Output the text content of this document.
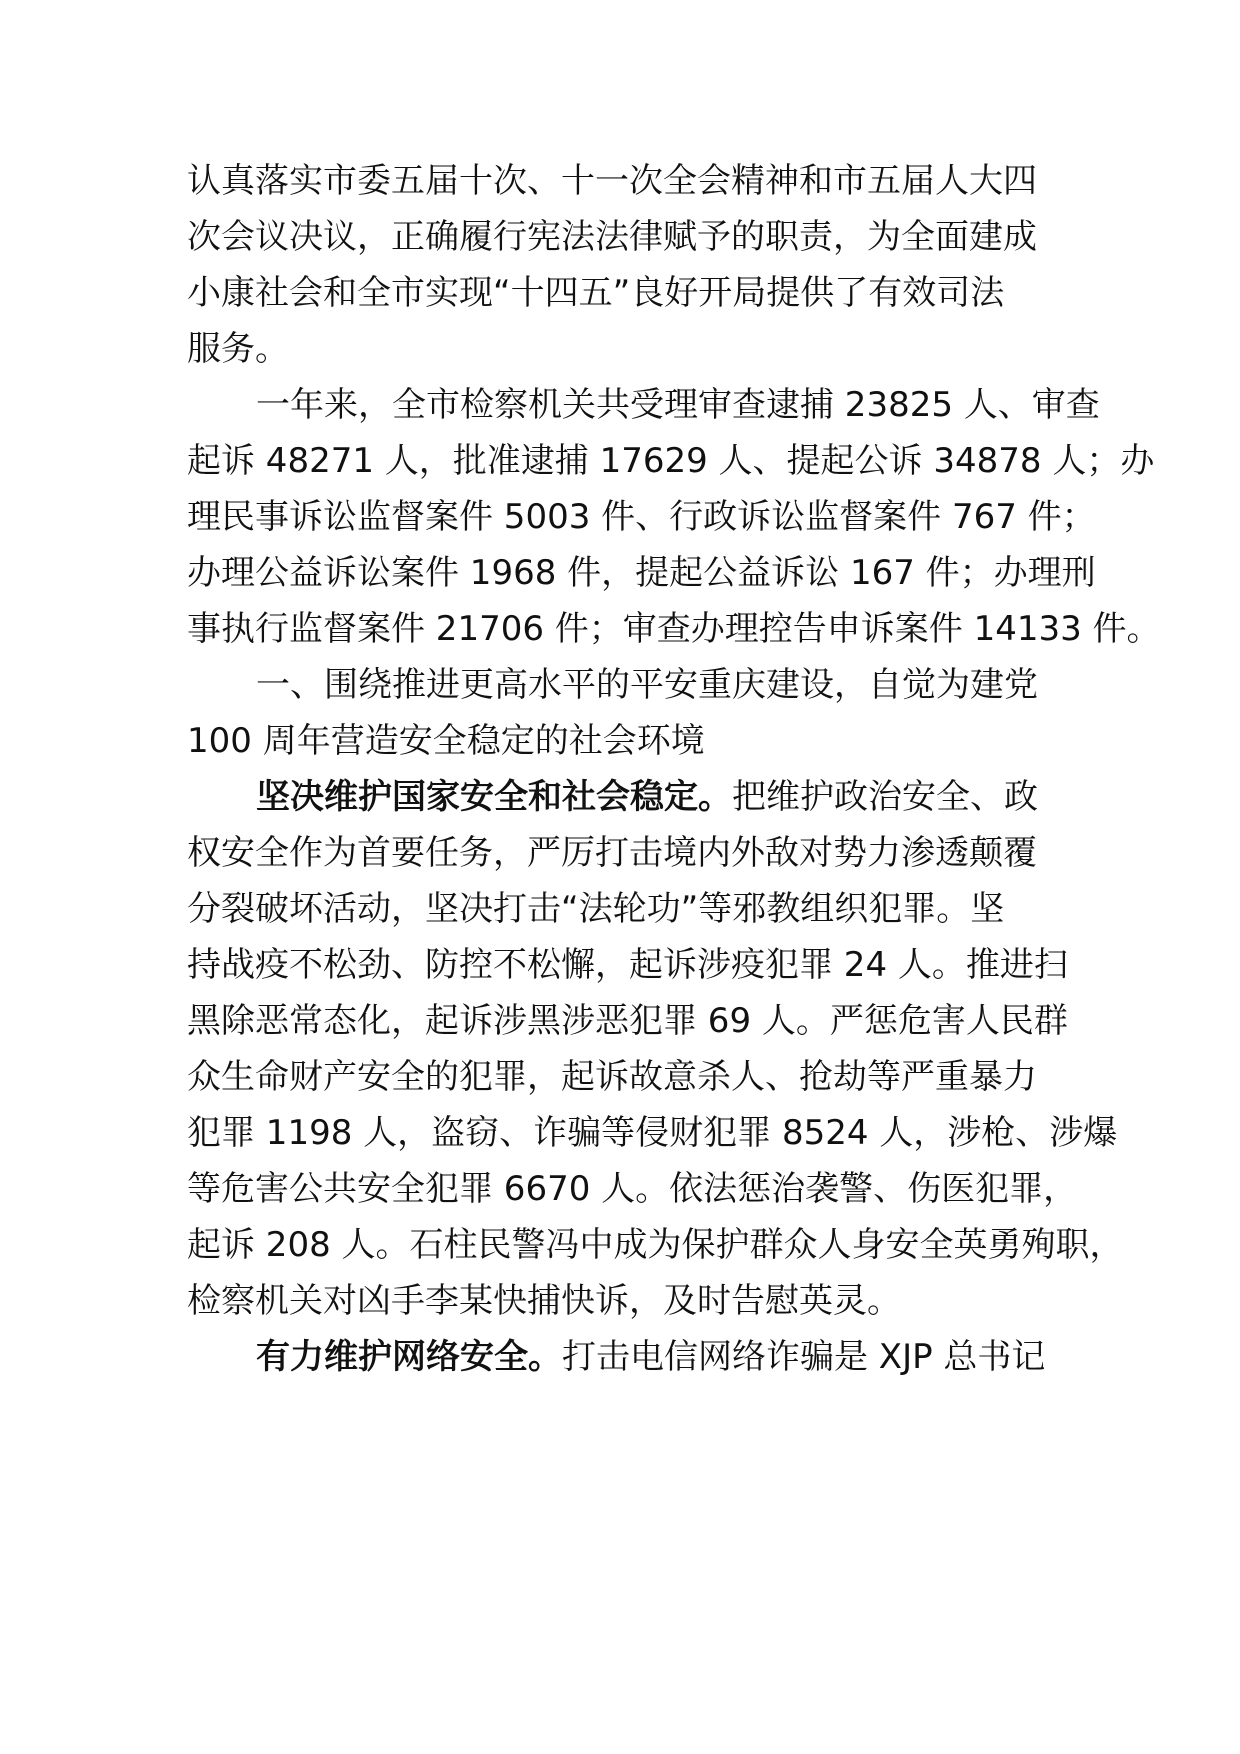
认真落实市委五届十次、十一次全会精神和市五届人大四
次会议决议，正确履行宪法法律赋予的职责，为全面建成
小康社会和全市实现“十四五”良好开局提供了有效司法
服务。
一年来，全市检察机关共受理审查逮捕 23825 人、审查
起诉 48271 人，批准逮捕 17629 人、提起公诉 34878 人；办
理民事诉讼监督案件 5003 件、行政诉讼监督案件 767 件；
办理公益诉讼案件 1968 件，提起公益诉讼 167 件；办理刑
事执行监督案件 21706 件；审查办理控告申诉案件 14133 件。
一、围绕推进更高水平的平安重庆建设，自觉为建党
100 周年营造安全稳定的社会环境
坚决维护国家安全和社会稳定。把维护政治安全、政
权安全作为首要任务，严厉打击境内外敌对势力渗透颠覆
分裂破坏活动，坚决打击“法轮功”等邪教组织犯罪。坚
持战疫不松劲、防控不松懈，起诉涉疫犯罪 24 人。推进扫
黑除恶常态化，起诉涉黑涉恶犯罪 69 人。严惩危害人民群
众生命财产安全的犯罪，起诉故意杀人、抢劫等严重暴力
犯罪 1198 人，盗窃、诈骗等侵财犯罪 8524 人，涉枪、涉爆
等危害公共安全犯罪 6670 人。依法惩治袭警、伤医犯罪，
起诉 208 人。石柱民警冯中成为保护群众人身安全英勇殉职，
检察机关对凶手李某快捕快诉，及时告慰英灵。
有力维护网络安全。打击电信网络诈骗是 XJP 总书记
